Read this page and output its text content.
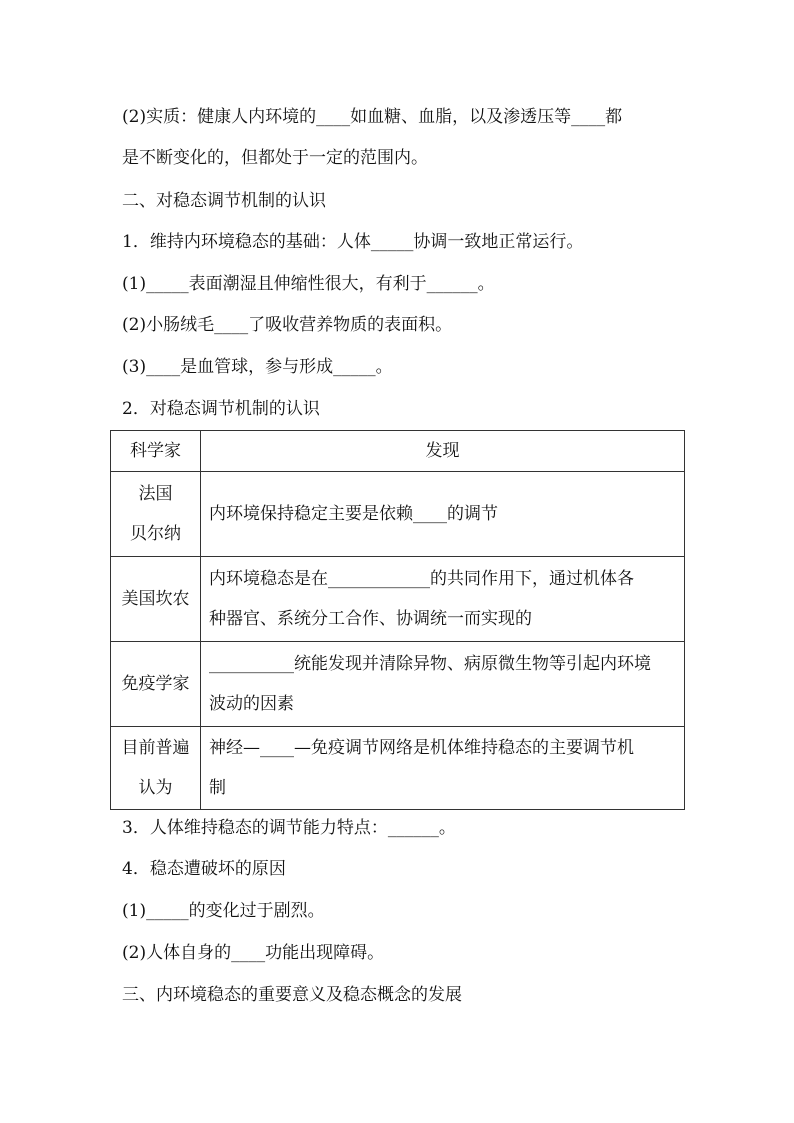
(2)实质：健康人内环境的____如血糖、血脂，以及渗透压等____都
是不断变化的，但都处于一定的范围内。
二、对稳态调节机制的认识
1．维持内环境稳态的基础：人体_____协调一致地正常运行。
(1)_____表面潮湿且伸缩性很大，有利于______。
(2)小肠绒毛____了吸收营养物质的表面积。
(3)____是血管球，参与形成_____。
2．对稳态调节机制的认识
科学家	发现

法国
贝尔纳	内环境保持稳定主要是依赖____的调节

美国坎农	内环境稳态是在____________的共同作用下，通过机体各
种器官、系统分工合作、协调统一而实现的

免疫学家	__________统能发现并清除异物、病原微生物等引起内环境
波动的因素

目前普遍
认为	神经—____—免疫调节网络是机体维持稳态的主要调节机
制
3．人体维持稳态的调节能力特点：______。
4．稳态遭破坏的原因
(1)_____的变化过于剧烈。
(2)人体自身的____功能出现障碍。
三、内环境稳态的重要意义及稳态概念的发展
